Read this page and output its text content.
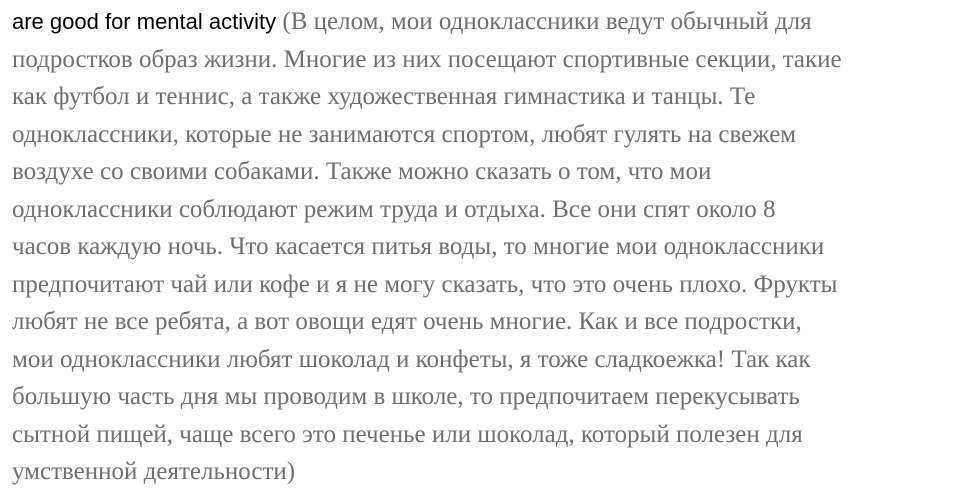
are good for mental activity (В целом, мои одноклассники ведут обычный для
подростков образ жизни. Многие из них посещают спортивные секции, такие
как футбол и теннис, а также художественная гимнастика и танцы. Те
одноклассники, которые не занимаются спортом, любят гулять на свежем
воздухе со своими собаками. Также можно сказать о том, что мои
одноклассники соблюдают режим труда и отдыха. Все они спят около 8
часов каждую ночь. Что касается питья воды, то многие мои одноклассники
предпочитают чай или кофе и я не могу сказать, что это очень плохо. Фрукты
любят не все ребята, а вот овощи едят очень многие. Как и все подростки,
мои одноклассники любят шоколад и конфеты, я тоже сладкоежка! Так как
большую часть дня мы проводим в школе, то предпочитаем перекусывать
сытной пищей, чаще всего это печенье или шоколад, который полезен для
умственной деятельности)
